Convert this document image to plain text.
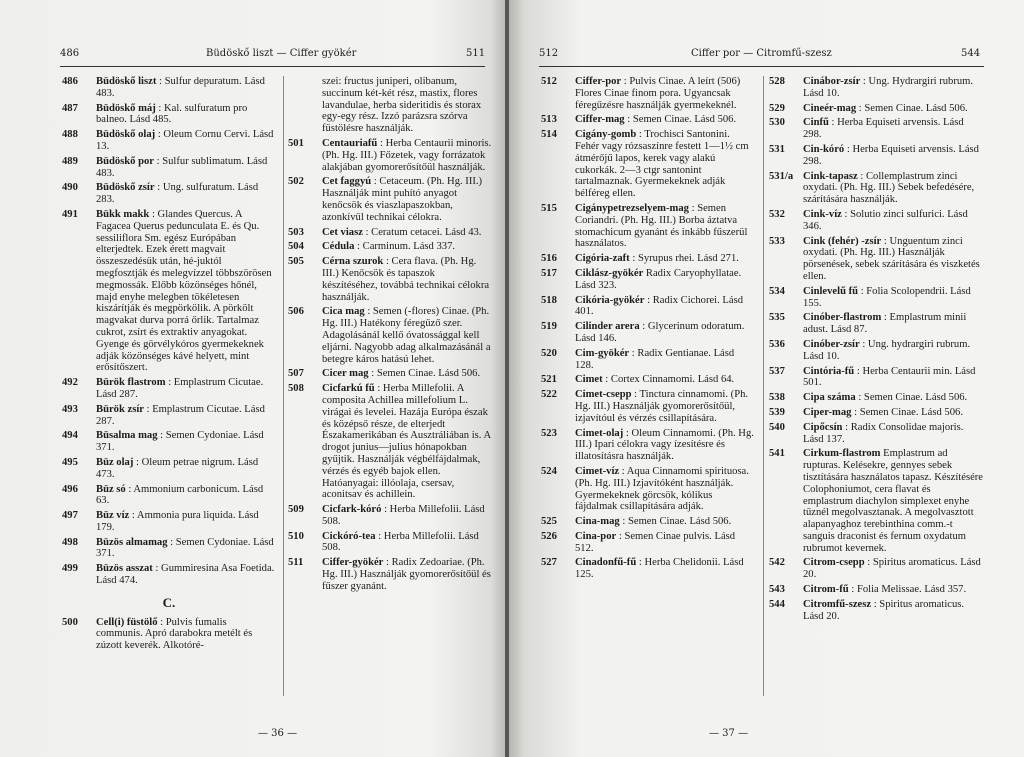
486	Büdöskő liszt — Ciffer gyökér	511
486 Büdöskő liszt : Sulfur depuratum. Lásd 483.
487 Büdöskő máj : Kal. sulfuratum pro balneo. Lásd 485.
488 Büdöskő olaj : Oleum Cornu Cervi. Lásd 13.
489 Büdöskő por : Sulfur sublimatum. Lásd 483.
490 Büdöskő zsír : Ung. sulfuratum. Lásd 283.
491 Bükk makk : Glandes Quercus. A Fagacea Querus pedunculata E. és Qu. sessiliflora Sm. egész Európában elterjedtek. Ezek érett magvait összeszedésük után, hé-juktól megfosztják és melegvízzel többszörösen megmossák. Előbb közönséges hőnél, majd enyhe melegben tökéletesen kiszárítják és megpörkölik. A pörkölt magvakat durva porrá őrlik. Tartalmaz cukrot, zsírt és extraktiv anyagokat. Gyenge és görvélykóros gyermekeknek adják közönséges kávé helyett, mint erősítőszert.
492 Bürök flastrom : Emplastrum Cicutae. Lásd 287.
493 Bürök zsír : Emplastrum Cicutae. Lásd 287.
494 Büsalma mag : Semen Cydoniae. Lásd 371.
495 Büz olaj : Oleum petrae nigrum. Lásd 473.
496 Büz só : Ammonium carbonicum. Lásd 63.
497 Büz víz : Ammonia pura liquida. Lásd 179.
498 Büzös almamag : Semen Cydoniae. Lásd 371.
499 Büzös asszat : Gummiresina Asa Foetida. Lásd 474.
C.
500 Cell(i) füstölő : Pulvis fumalis communis. Apró darabokra metélt és zúzott keverék. Alkotóré-
szei: fructus juniperi, olibanum, succinum két-két rész, mastix, flores lavandulae, herba sideritidis és storax egy-egy rész. Izzó parázsra szórva füstölésre használják.
501 Centauriafű : Herba Centaurii minoris. (Ph. Hg. III.) Főzetek, vagy forrázatok alakjában gyomorerősítőül használják.
502 Cet faggyú : Cetaceum. (Ph. Hg. III.) Használják mint puhító anyagot kenőcsök és viaszlapaszokban, azonkívül technikai célokra.
503 Cet viasz : Ceratum cetacei. Lásd 43.
504 Cédula : Carminum. Lásd 337.
505 Cérna szurok : Cera flava. (Ph. Hg. III.) Kenőcsök és tapaszok készítéséhez, továbbá technikai célokra használják.
506 Cica mag : Semen (-flores) Cinae. (Ph. Hg. III.) Hatékony féregűző szer. Adagolásánál kellő óvatossággal kell eljárni. Nagyobb adag alkalmazásánál a betegre káros hatású lehet.
507 Cicer mag : Semen Cinae. Lásd 506.
508 Cicfarkú fű : Herba Millefolii. A composita Achillea millefolium L. virágai és levelei. Hazája Európa észak és középső része, de elterjedt Északamerikában és Ausztráliában is. A drogot junius—julius hónapokban gyűjtik. Használják végbélfájdalmak, vérzés és egyéb bajok ellen. Hatóanyagai: illóolaja, csersav, aconitsav és achillein.
509 Cicfark-kóró : Herba Millefolii. Lásd 508.
510 Cickóró-tea : Herba Millefolii. Lásd 508.
511 Ciffer-gyökér : Radix Zedoariae. (Ph. Hg. III.) Használják gyomorerősítőül és fűszer gyanánt.
— 36 —
512	Ciffer por — Citromfű-szesz	544
512 Ciffer-por : Pulvis Cinae. A leírt (506) Flores Cinae finom pora. Ugyancsak féregűzésre használják gyermekeknél.
513 Ciffer-mag : Semen Cinae. Lásd 506.
514 Cigány-gomb : Trochisci Santonini. Fehér vagy rózsaszínre festett 1—1½ cm átmérőjű lapos, kerek vagy alakú cukorkák. 2—3 ctgr santonint tartalmaznak. Gyermekeknek adják bélféreg ellen.
515 Cigánypetrezselyem-mag : Semen Coriandri. (Ph. Hg. III.) Borba áztatva stomachicum gyanánt és inkább fűszerül használatos.
516 Cigória-zaft : Syrupus rhei. Lásd 271.
517 Ciklász-gyökér Radix Caryophyllatae. Lásd 323.
518 Cikória-gyökér : Radix Cichorei. Lásd 401.
519 Cilinder arera : Glycerinum odoratum. Lásd 146.
520 Cim-gyökér : Radix Gentianae. Lásd 128.
521 Cimet : Cortex Cinnamomi. Lásd 64.
522 Cimet-csepp : Tinctura cinnamomi. (Ph. Hg. III.) Használják gyomorerősítőül, izjavítóul és vérzés csillapítására.
523 Cimet-olaj : Oleum Cinnamomi. (Ph. Hg. III.) Ipari célokra vagy ízesítésre és illatosításra használják.
524 Cimet-víz : Aqua Cinnamomi spirituosa. (Ph. Hg. III.) Izjavítóként használják. Gyermekeknek görcsök, kólikus fájdalmak csillapítására adják.
525 Cina-mag : Semen Cinae. Lásd 506.
526 Cina-por : Semen Cinae pulvis. Lásd 512.
527 Cinadonfű-fű : Herba Chelidonii. Lásd 125.
528 Cinábor-zsír : Ung. Hydrargiri rubrum. Lásd 10.
529 Cineér-mag : Semen Cinae. Lásd 506.
530 Cinfű : Herba Equiseti arvensis. Lásd 298.
531 Cin-kóró : Herba Equiseti arvensis. Lásd 298.
531/a Cink-tapasz : Collemplastrum zinci oxydati. (Ph. Hg. III.) Sebek befedésére, szárítására használják.
532 Cink-víz : Solutio zinci sulfurici. Lásd 346.
533 Cink (fehér) -zsír : Unguentum zinci oxydati. (Ph. Hg. III.) Használják pörsenések, sebek szárítására és viszketés ellen.
534 Cinlevelű fű : Folia Scolopendrii. Lásd 155.
535 Cinóber-flastrom : Emplastrum minii adust. Lásd 87.
536 Cinóber-zsír : Ung. hydrargiri rubrum. Lásd 10.
537 Cintória-fű : Herba Centaurii min. Lásd 501.
538 Cipa száma : Semen Cinae. Lásd 506.
539 Ciper-mag : Semen Cinae. Lásd 506.
540 Cipőcsín : Radix Consolidae majoris. Lásd 137.
541 Cirkum-flastrom Emplastrum ad rupturas. Kelésekre, gennyes sebek tisztítására használatos tapasz. Készítésére Colophoniumot, cera flavat és emplastrum diachylon simplexet enyhe tűznél megolvasztanak. A megolvasztott alapanyaghoz terebinthina comm.-t sanguis draconist és fernum oxydatum rubrumot kevernek.
542 Citrom-csepp : Spiritus aromaticus. Lásd 20.
543 Citrom-fű : Folia Melissae. Lásd 357.
544 Citromfű-szesz : Spiritus aromaticus. Lásd 20.
— 37 —
